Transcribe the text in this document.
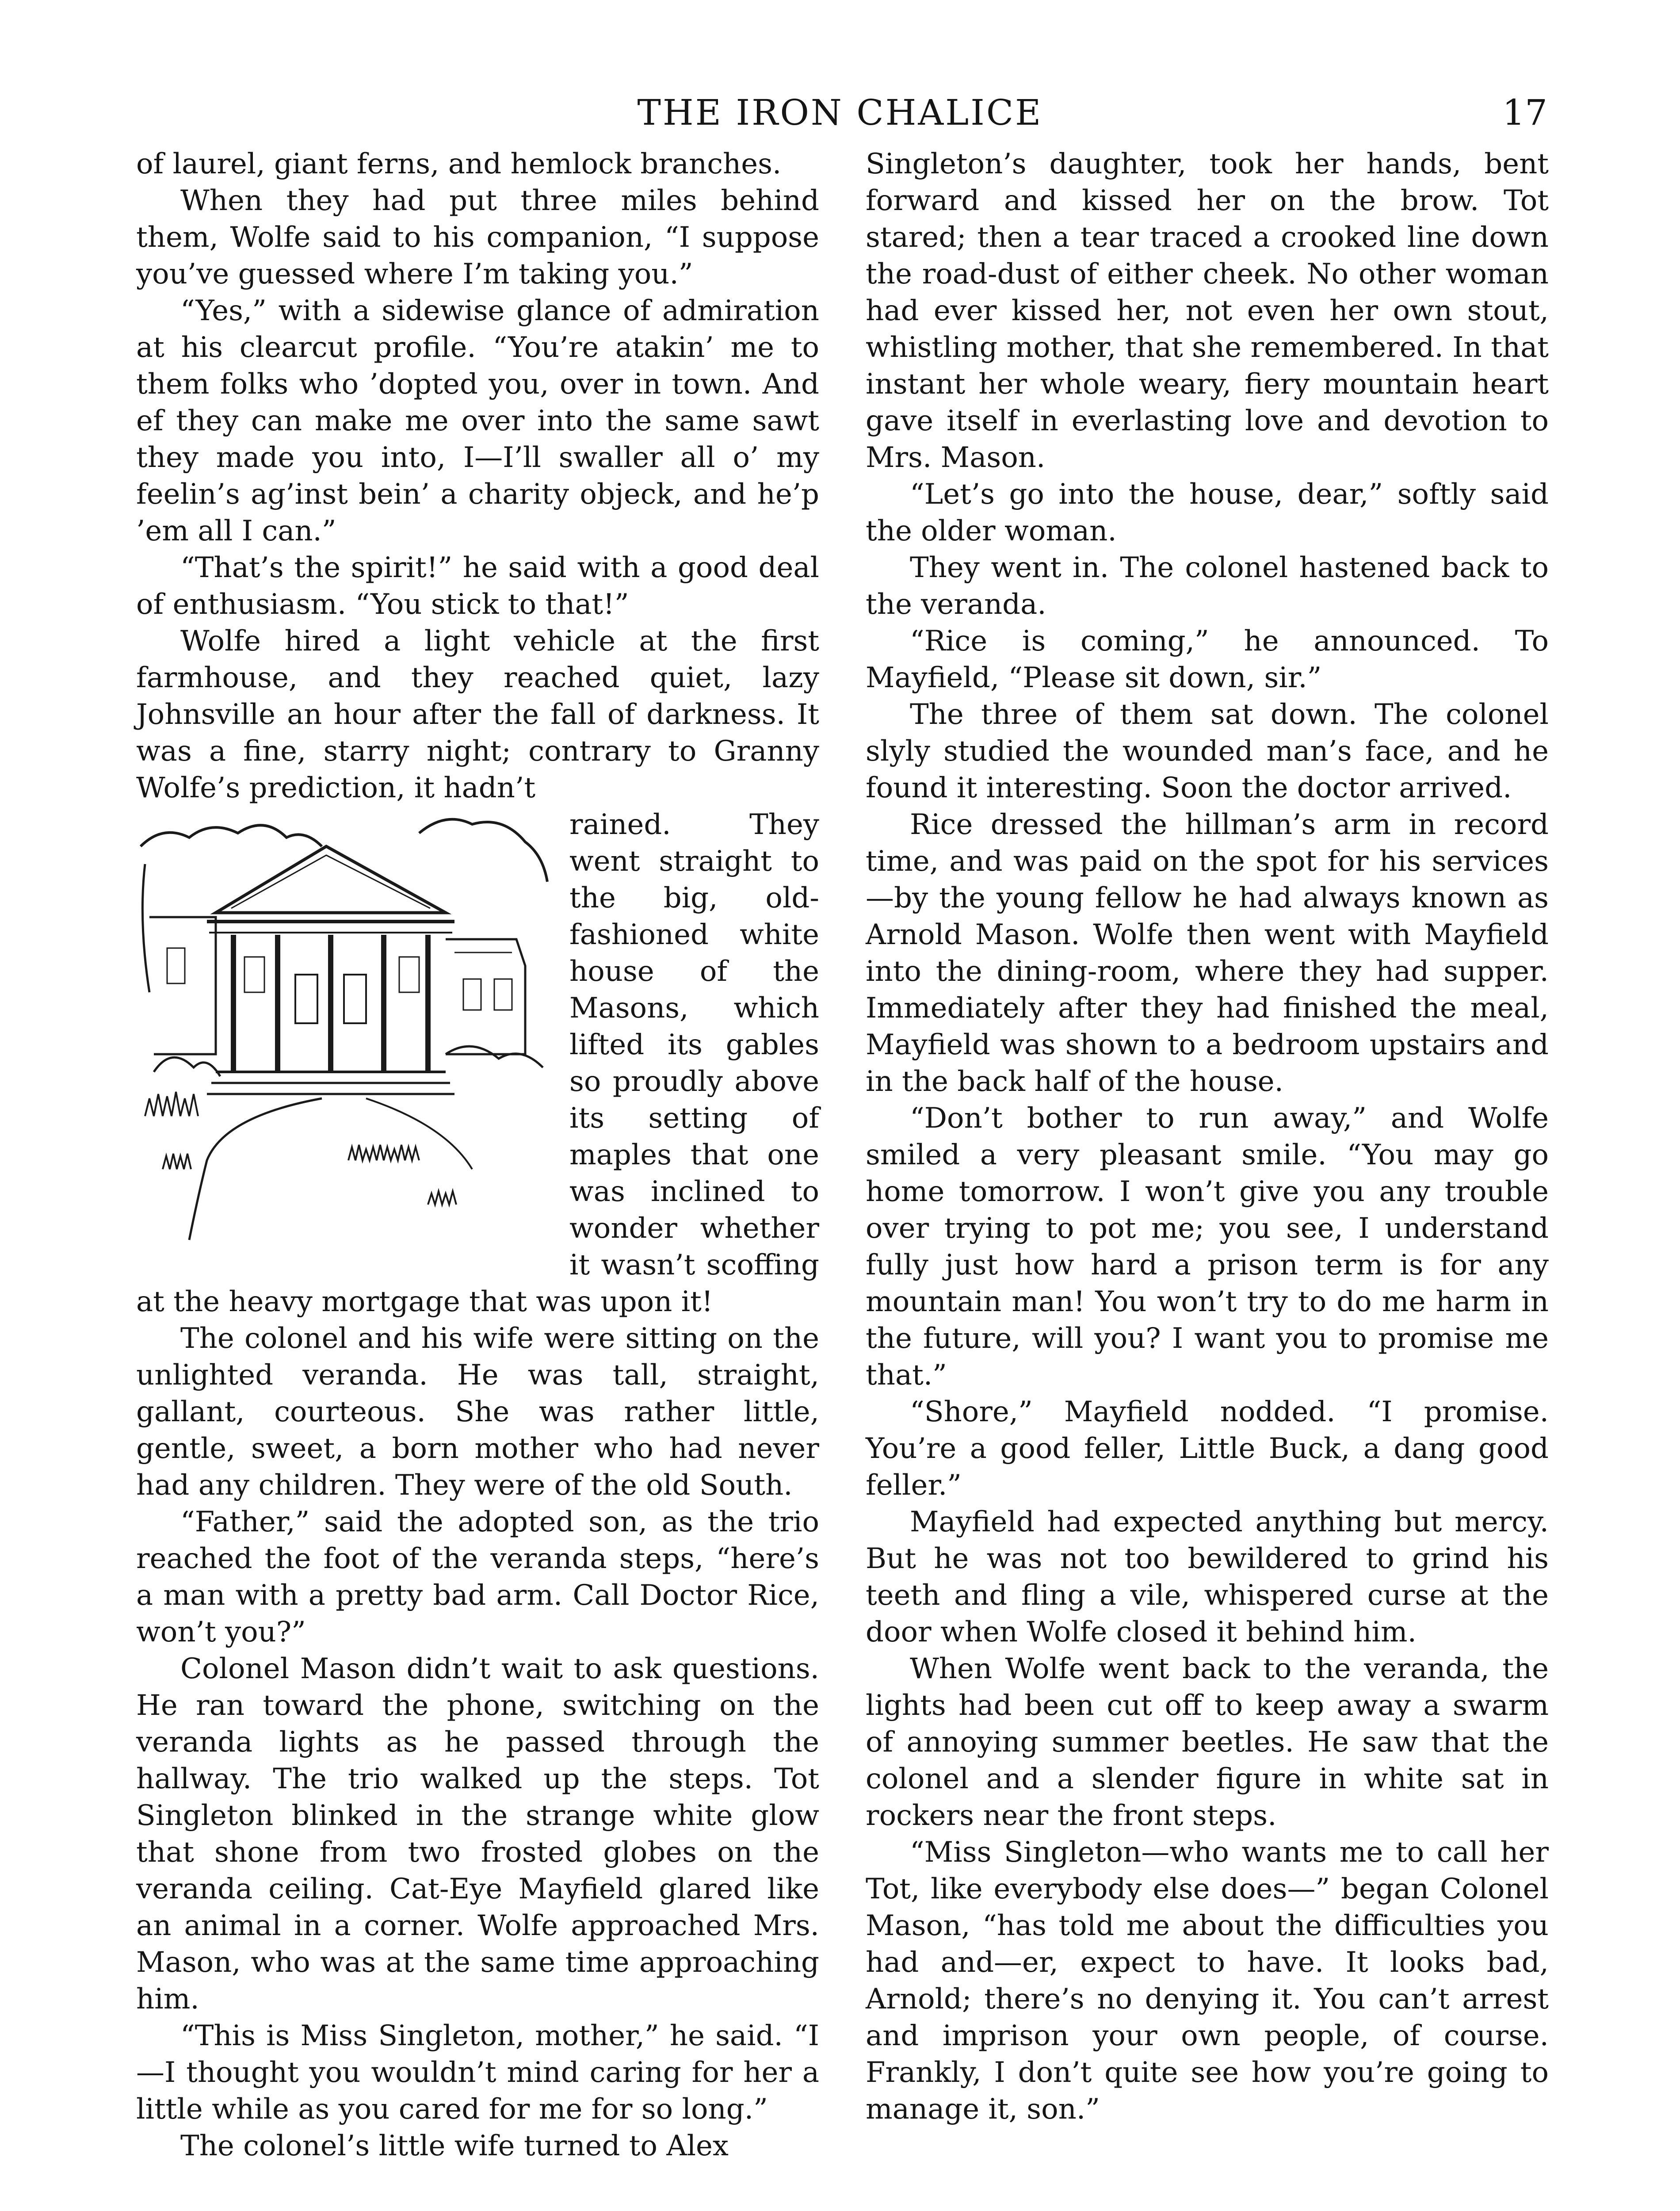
THE IRON CHALICE	17

of laurel, giant ferns, and hemlock branches.

When they had put three miles behind them, Wolfe said to his companion, “I suppose you’ve guessed where I’m taking you.”

“Yes,” with a sidewise glance of admiration at his clearcut profile. “You’re atakin’ me to them folks who ’dopted you, over in town. And ef they can make me over into the same sawt they made you into, I—I’ll swaller all o’ my feelin’s ag’inst bein’ a charity objeck, and he’p ’em all I can.”

“That’s the spirit!” he said with a good deal of enthusiasm. “You stick to that!”

Wolfe hired a light vehicle at the first farmhouse, and they reached quiet, lazy Johnsville an hour after the fall of darkness. It was a fine, starry night; contrary to Granny Wolfe’s prediction, it hadn’t

rained. They went straight to the big, old-fashioned white house of the Masons, which lifted its gables so proudly above its setting of maples that one was inclined to wonder whether it wasn’t scoffing at the heavy mortgage that was upon it!

The colonel and his wife were sitting on the unlighted veranda. He was tall, straight, gallant, courteous. She was rather little, gentle, sweet, a born mother who had never had any children. They were of the old South.

“Father,” said the adopted son, as the trio reached the foot of the veranda steps, “here’s a man with a pretty bad arm. Call Doctor Rice, won’t you?”

Colonel Mason didn’t wait to ask questions. He ran toward the phone, switching on the veranda lights as he passed through the hallway. The trio walked up the steps. Tot Singleton blinked in the strange white glow that shone from two frosted globes on the veranda ceiling. Cat-Eye Mayfield glared like an animal in a corner. Wolfe approached Mrs. Mason, who was at the same time approaching him.

“This is Miss Singleton, mother,” he said. “I—I thought you wouldn’t mind caring for her a little while as you cared for me for so long.”

The colonel’s little wife turned to Alex

Singleton’s daughter, took her hands, bent forward and kissed her on the brow. Tot stared; then a tear traced a crooked line down the road-dust of either cheek. No other woman had ever kissed her, not even her own stout, whistling mother, that she remembered. In that instant her whole weary, fiery mountain heart gave itself in everlasting love and devotion to Mrs. Mason.

“Let’s go into the house, dear,” softly said the older woman.

They went in. The colonel hastened back to the veranda.

“Rice is coming,” he announced. To Mayfield, “Please sit down, sir.”

The three of them sat down. The colonel slyly studied the wounded man’s face, and he found it interesting. Soon the doctor arrived.

Rice dressed the hillman’s arm in record time, and was paid on the spot for his services—by the young fellow he had always known as Arnold Mason. Wolfe then went with Mayfield into the dining-room, where they had supper. Immediately after they had finished the meal, Mayfield was shown to a bedroom upstairs and in the back half of the house.

“Don’t bother to run away,” and Wolfe smiled a very pleasant smile. “You may go home tomorrow. I won’t give you any trouble over trying to pot me; you see, I understand fully just how hard a prison term is for any mountain man! You won’t try to do me harm in the future, will you? I want you to promise me that.”

“Shore,” Mayfield nodded. “I promise. You’re a good feller, Little Buck, a dang good feller.”

Mayfield had expected anything but mercy. But he was not too bewildered to grind his teeth and fling a vile, whispered curse at the door when Wolfe closed it behind him.

When Wolfe went back to the veranda, the lights had been cut off to keep away a swarm of annoying summer beetles. He saw that the colonel and a slender figure in white sat in rockers near the front steps.

“Miss Singleton—who wants me to call her Tot, like everybody else does—” began Colonel Mason, “has told me about the difficulties you had and—er, expect to have. It looks bad, Arnold; there’s no denying it. You can’t arrest and imprison your own people, of course. Frankly, I don’t quite see how you’re going to manage it, son.”
